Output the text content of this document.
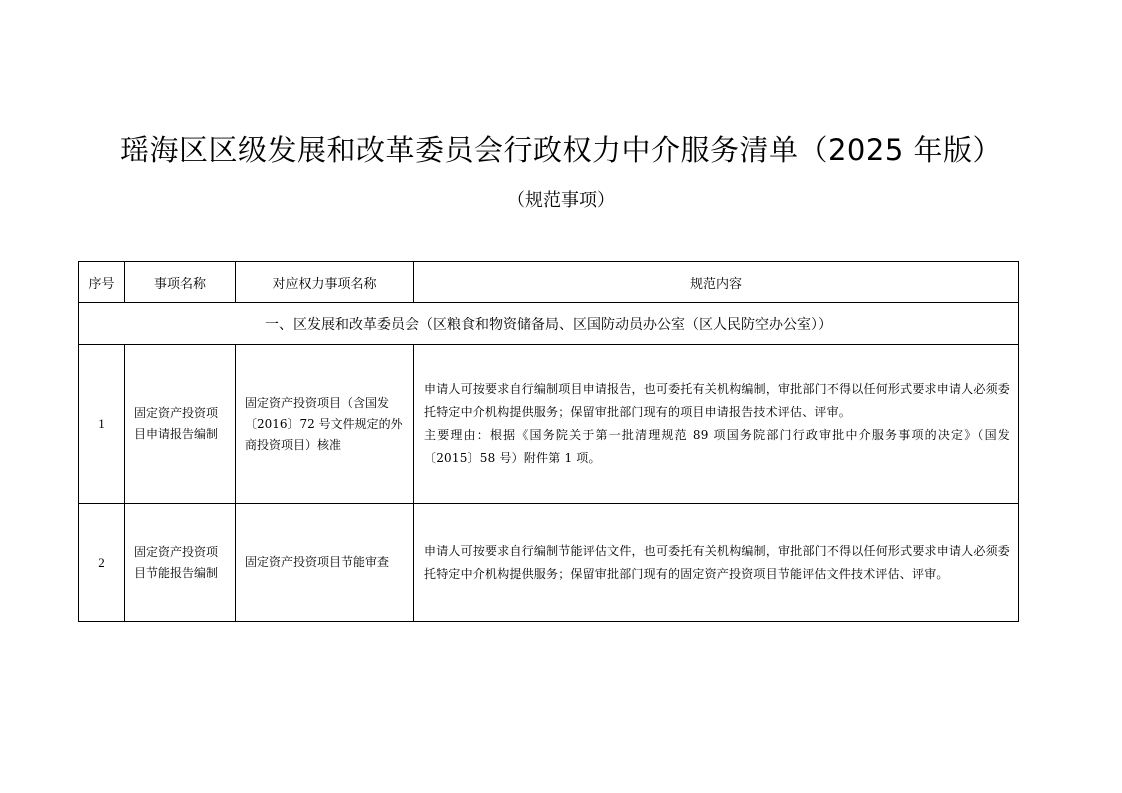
瑶海区区级发展和改革委员会行政权力中介服务清单（2025 年版）
（规范事项）
序号	事项名称	对应权力事项名称	规范内容
一、区发展和改革委员会（区粮食和物资储备局、区国防动员办公室（区人民防空办公室））			
1	固定资产投资项目申请报告编制	固定资产投资项目（含国发〔2016〕72 号文件规定的外商投资项目）核准	申请人可按要求自行编制项目申请报告，也可委托有关机构编制，审批部门不得以任何形式要求申请人必须委托特定中介机构提供服务；保留审批部门现有的项目申请报告技术评估、评审。
主要理由：根据《国务院关于第一批清理规范 89 项国务院部门行政审批中介服务事项的决定》（国发〔2015〕58 号）附件第 1 项。

2	固定资产投资项目节能报告编制	固定资产投资项目节能审查	申请人可按要求自行编制节能评估文件，也可委托有关机构编制，审批部门不得以任何形式要求申请人必须委托特定中介机构提供服务；保留审批部门现有的固定资产投资项目节能评估文件技术评估、评审。
